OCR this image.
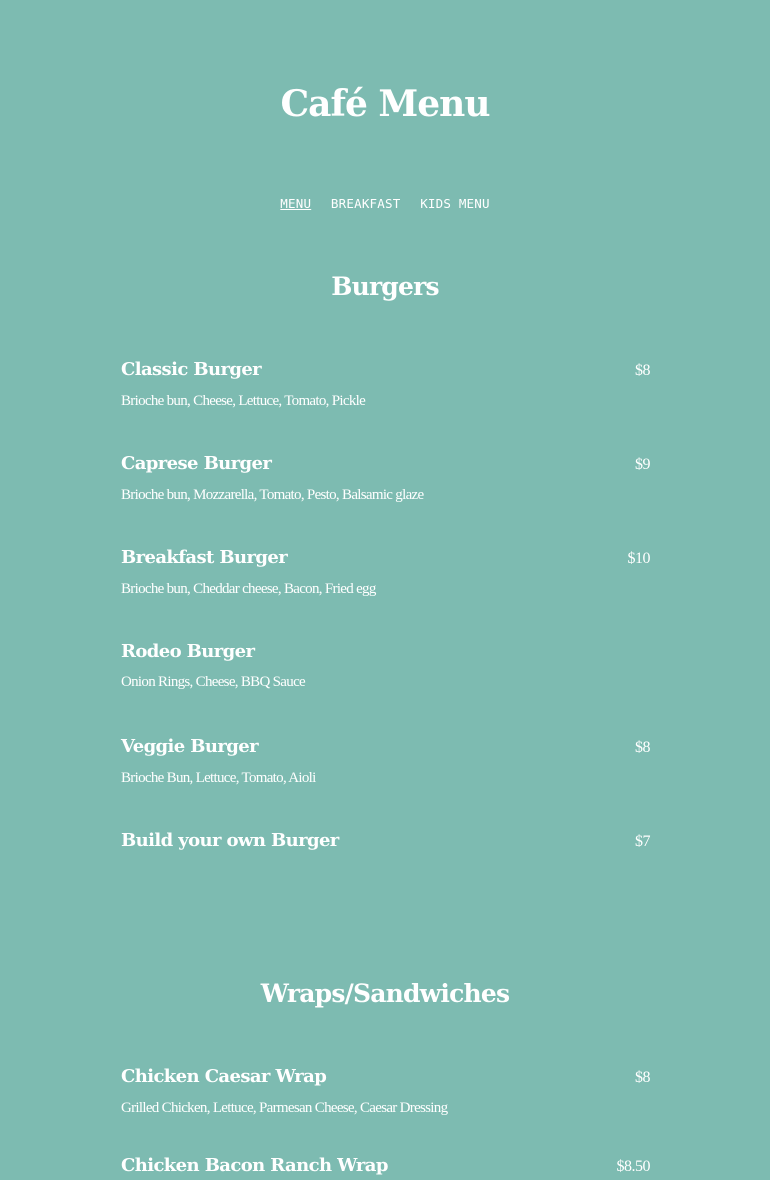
Café Menu
MENU BREAKFAST KIDS MENU
Burgers
Classic Burger	$8
Brioche bun, Cheese, Lettuce, Tomato, Pickle
Caprese Burger	$9
Brioche bun, Mozzarella, Tomato, Pesto, Balsamic glaze
Breakfast Burger	$10
Brioche bun, Cheddar cheese, Bacon, Fried egg
Rodeo Burger
Onion Rings, Cheese, BBQ Sauce
Veggie Burger	$8
Brioche Bun, Lettuce, Tomato, Aioli
Build your own Burger	$7
Wraps/Sandwiches
Chicken Caesar Wrap	$8
Grilled Chicken, Lettuce, Parmesan Cheese, Caesar Dressing
Chicken Bacon Ranch Wrap	$8.50
